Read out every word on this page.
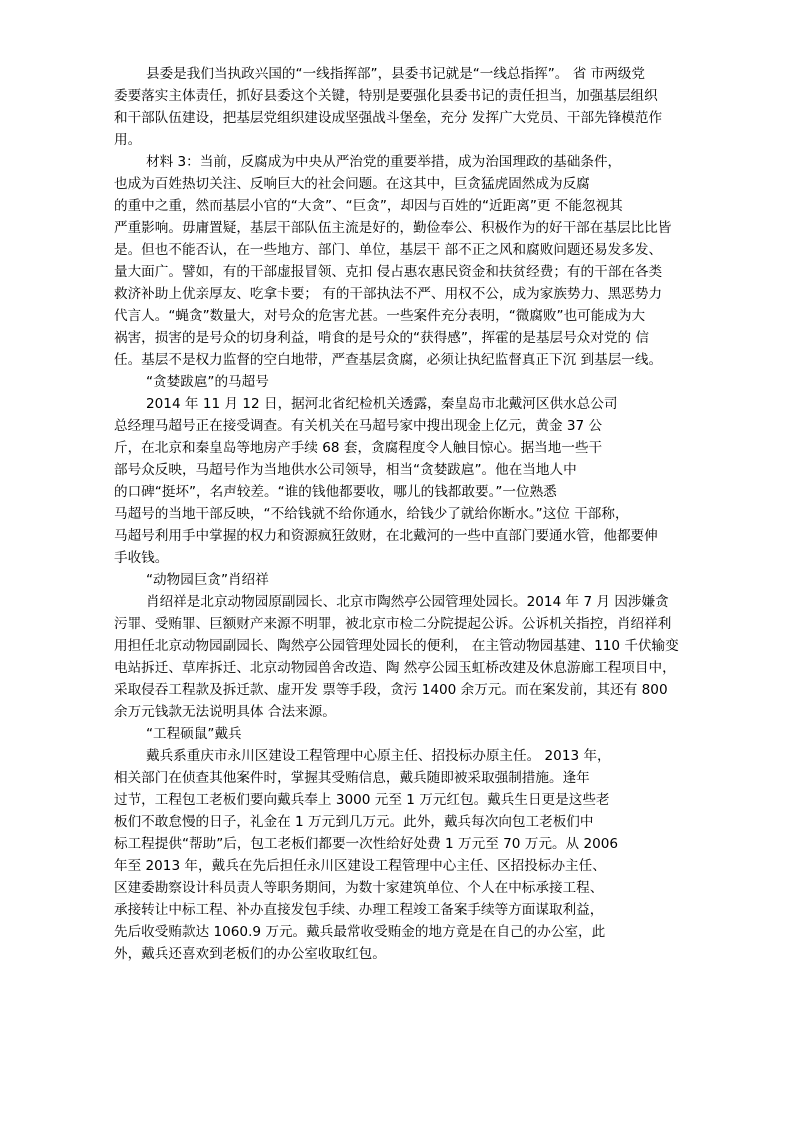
县委是我们当执政兴国的“一线指挥部”，县委书记就是“一线总指挥”。 省 市两级党
委要落实主体责任，抓好县委这个关键，特别是要强化县委书记的责任担当，加强基层组织
和干部队伍建设，把基层党组织建设成坚强战斗堡垒，充分 发挥广大党员、干部先锋模范作
用。
材料 3：当前，反腐成为中央从严治党的重要举措，成为治国理政的基础条件，
也成为百姓热切关注、反响巨大的社会问题。在这其中，巨贪猛虎固然成为反腐
的重中之重，然而基层小官的“大贪”、“巨贪”，却因与百姓的“近距离”更 不能忽视其
严重影响。毋庸置疑，基层干部队伍主流是好的，勤俭奉公、积极作为的好干部在基层比比皆
是。但也不能否认，在一些地方、部门、单位，基层干 部不正之风和腐败问题还易发多发、
量大面广。譬如，有的干部虚报冒领、克扣 侵占惠农惠民资金和扶贫经费；有的干部在各类
救济补助上优亲厚友、吃拿卡要； 有的干部执法不严、用权不公，成为家族势力、黑恶势力
代言人。“蝇贪”数量大，对号众的危害尤甚。一些案件充分表明，“微腐败”也可能成为大
祸害，损害的是号众的切身利益，啃食的是号众的“获得感”，挥霍的是基层号众对党的 信
任。基层不是权力监督的空白地带，严查基层贪腐，必须让执纪监督真正下沉 到基层一线。
“贪婪跋扈”的马超号
2014 年 11 月 12 日，据河北省纪检机关透露，秦皇岛市北戴河区供水总公司
总经理马超号正在接受调查。有关机关在马超号家中搜出现金上亿元，黄金 37 公
斤，在北京和秦皇岛等地房产手续 68 套，贪腐程度令人触目惊心。据当地一些干
部号众反映，马超号作为当地供水公司领导，相当“贪婪跋扈”。他在当地人中
的口碑“挺坏”，名声较差。“谁的钱他都要收，哪儿的钱都敢要。”一位熟悉
马超号的当地干部反映，“不给钱就不给你通水，给钱少了就给你断水。”这位 干部称，
马超号利用手中掌握的权力和资源疯狂敛财，在北戴河的一些中直部门要通水管，他都要伸
手收钱。
“动物园巨贪”肖绍祥
肖绍祥是北京动物园原副园长、北京市陶然亭公园管理处园长。2014 年 7 月 因涉嫌贪
污罪、受贿罪、巨额财产来源不明罪，被北京市检二分院提起公诉。公诉机关指控，肖绍祥利
用担任北京动物园副园长、陶然亭公园管理处园长的便利， 在主管动物园基建、110 千伏输变
电站拆迁、草库拆迁、北京动物园兽舍改造、陶 然亭公园玉虹桥改建及休息游廊工程项目中，
采取侵吞工程款及拆迁款、虚开发 票等手段，贪污 1400 余万元。而在案发前，其还有 800
余万元钱款无法说明具体 合法来源。
“工程硕鼠”戴兵
戴兵系重庆市永川区建设工程管理中心原主任、招投标办原主任。 2013 年，
相关部门在侦查其他案件时，掌握其受贿信息，戴兵随即被采取强制措施。逢年
过节，工程包工老板们要向戴兵奉上 3000 元至 1 万元红包。戴兵生日更是这些老
板们不敢怠慢的日子，礼金在 1 万元到几万元。此外，戴兵每次向包工老板们中
标工程提供“帮助”后，包工老板们都要一次性给好处费 1 万元至 70 万元。从 2006
年至 2013 年，戴兵在先后担任永川区建设工程管理中心主任、区招投标办主任、
区建委勘察设计科员责人等职务期间，为数十家建筑单位、个人在中标承接工程、
承接转让中标工程、补办直接发包手续、办理工程竣工备案手续等方面谋取利益，
先后收受贿款达 1060.9 万元。戴兵最常收受贿金的地方竟是在自己的办公室，此
外，戴兵还喜欢到老板们的办公室收取红包。
